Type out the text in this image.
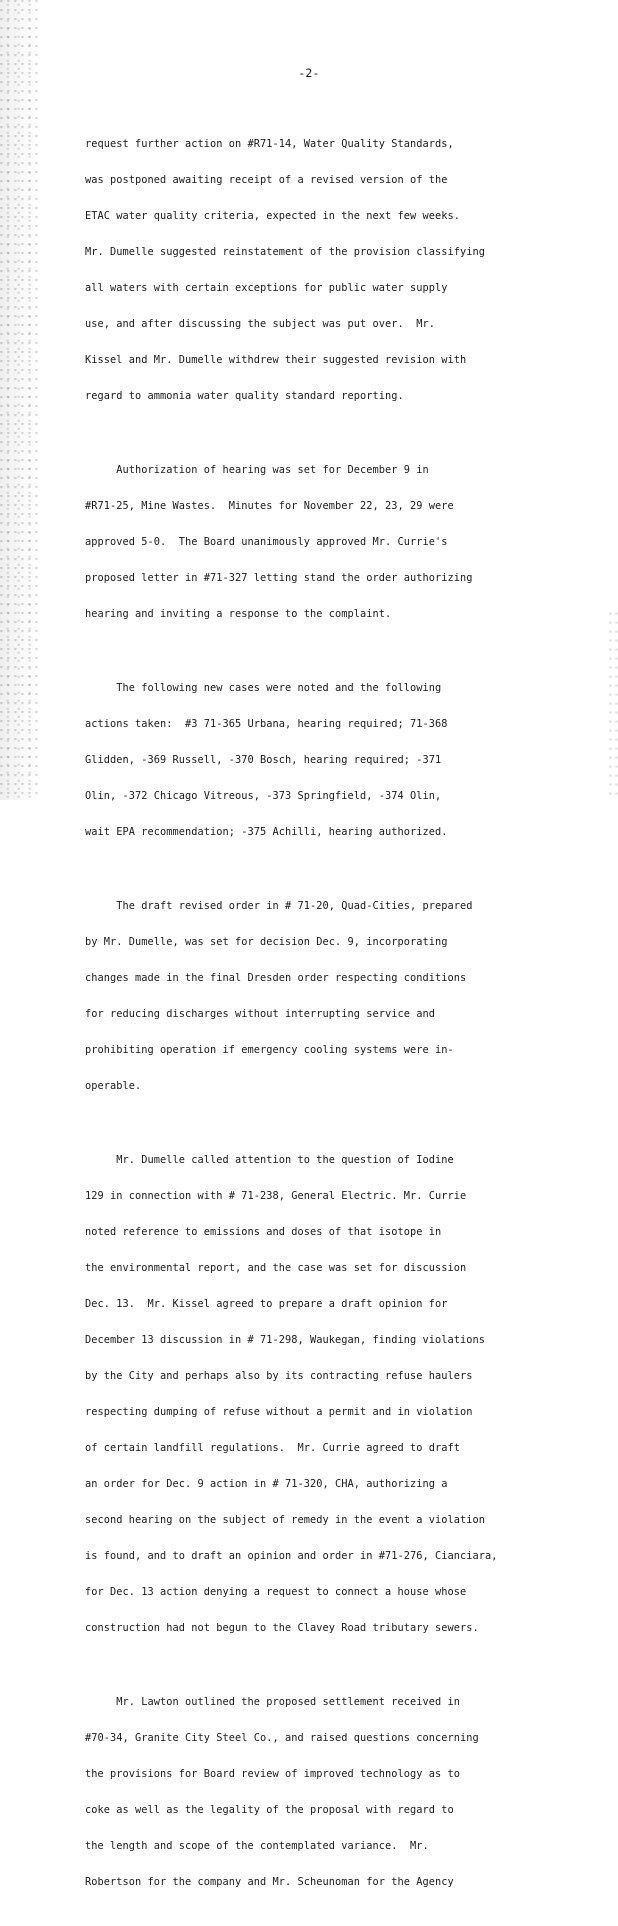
-2-

request further action on #R71-14, Water Quality Standards,

was postponed awaiting receipt of a revised version of the

ETAC water quality criteria, expected in the next few weeks.

Mr. Dumelle suggested reinstatement of the provision classifying

all waters with certain exceptions for public water supply

use, and after discussing the subject was put over.  Mr.

Kissel and Mr. Dumelle withdrew their suggested revision with

regard to ammonia water quality standard reporting.

Authorization of hearing was set for December 9 in

#R71-25, Mine Wastes.  Minutes for November 22, 23, 29 were

approved 5-0.  The Board unanimously approved Mr. Currie's

proposed letter in #71-327 letting stand the order authorizing

hearing and inviting a response to the complaint.

The following new cases were noted and the following

actions taken:  #3 71-365 Urbana, hearing required; 71-368

Glidden, -369 Russell, -370 Bosch, hearing required; -371

Olin, -372 Chicago Vitreous, -373 Springfield, -374 Olin,

wait EPA recommendation; -375 Achilli, hearing authorized.

The draft revised order in # 71-20, Quad-Cities, prepared

by Mr. Dumelle, was set for decision Dec. 9, incorporating

changes made in the final Dresden order respecting conditions

for reducing discharges without interrupting service and

prohibiting operation if emergency cooling systems were in-

operable.

Mr. Dumelle called attention to the question of Iodine

129 in connection with # 71-238, General Electric. Mr. Currie

noted reference to emissions and doses of that isotope in

the environmental report, and the case was set for discussion

Dec. 13.  Mr. Kissel agreed to prepare a draft opinion for

December 13 discussion in # 71-298, Waukegan, finding violations

by the City and perhaps also by its contracting refuse haulers

respecting dumping of refuse without a permit and in violation

of certain landfill regulations.  Mr. Currie agreed to draft

an order for Dec. 9 action in # 71-320, CHA, authorizing a

second hearing on the subject of remedy in the event a violation

is found, and to draft an opinion and order in #71-276, Cianciara,

for Dec. 13 action denying a request to connect a house whose

construction had not begun to the Clavey Road tributary sewers.

Mr. Lawton outlined the proposed settlement received in

#70-34, Granite City Steel Co., and raised questions concerning

the provisions for Board review of improved technology as to

coke as well as the legality of the proposal with regard to

the length and scope of the contemplated variance.  Mr.

Robertson for the company and Mr. Scheunoman for the Agency
